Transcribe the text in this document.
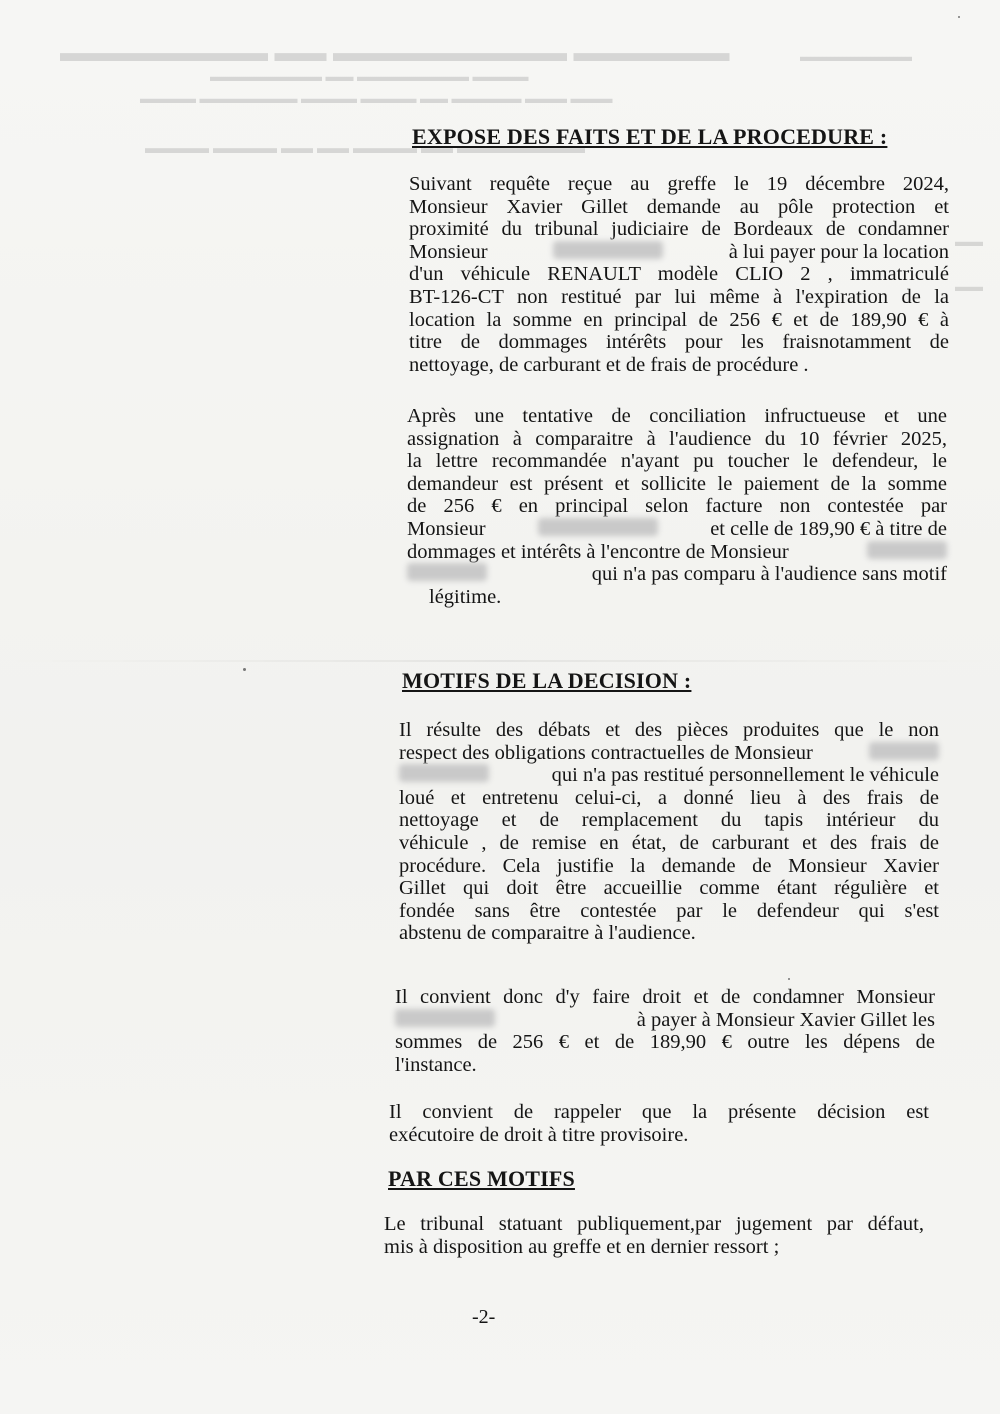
▬▬▬▬▬▬ ▬▬▬▬▬▬▬▬▬ ▬▬ ▬▬▬▬▬▬▬▬
▬▬▬▬ ▬▬▬▬▬▬▬▬ ▬▬ ▬▬▬▬▬▬▬▬
▬▬▬ ▬▬▬ ▬▬▬▬▬ ▬▬ ▬▬▬▬ ▬▬▬▬ ▬▬▬▬▬▬▬ ▬▬▬▬
▬▬▬▬▬▬▬▬ ▬▬ ▬▬▬▬ ▬▬ ▬▬ ▬▬▬▬ ▬▬▬▬
▬▬▬▬▬▬▬▬
▬▬
▬▬
EXPOSE DES FAITS ET DE LA PROCEDURE :
Suivant requête reçue au greffe le 19 décembre 2024,
Monsieur Xavier Gillet demande au pôle protection et
proximité du tribunal judiciaire de Bordeaux de condamner
Monsieur	à lui payer pour la location
d'un véhicule RENAULT modèle CLIO 2 , immatriculé
BT-126-CT non restitué par lui même à l'expiration de la
location la somme en principal de 256 € et de 189,90 € à
titre de dommages intérêts pour les fraisnotamment de
nettoyage, de carburant et de frais de procédure .
Après une tentative de conciliation infructueuse et une
assignation à comparaitre à l'audience du 10 février 2025,
la lettre recommandée n'ayant pu toucher le defendeur, le
demandeur est présent et sollicite le paiement de la somme
de 256 € en principal selon facture non contestée par
Monsieur	et celle de 189,90 € à titre de
dommages et intérêts à l'encontre de Monsieur
qui n'a pas comparu à l'audience sans motif
légitime.
MOTIFS DE LA DECISION :
Il résulte des débats et des pièces produites que le non
respect des obligations contractuelles de Monsieur
qui n'a pas restitué personnellement le véhicule
loué et entretenu celui-ci, a donné lieu à des frais de
nettoyage et de remplacement du tapis intérieur du
véhicule , de remise en état, de carburant et des frais de
procédure. Cela justifie la demande de Monsieur Xavier
Gillet qui doit être accueillie comme étant régulière et
fondée sans être contestée par le defendeur qui s'est
abstenu de comparaitre à l'audience.
Il convient donc d'y faire droit et de condamner Monsieur
à payer à Monsieur Xavier Gillet les
sommes de 256 € et de 189,90 € outre les dépens de
l'instance.
Il convient de rappeler que la présente décision est
exécutoire de droit à titre provisoire.
PAR CES MOTIFS
Le tribunal statuant publiquement,par jugement par défaut,
mis à disposition au greffe et en dernier ressort ;
-2-
